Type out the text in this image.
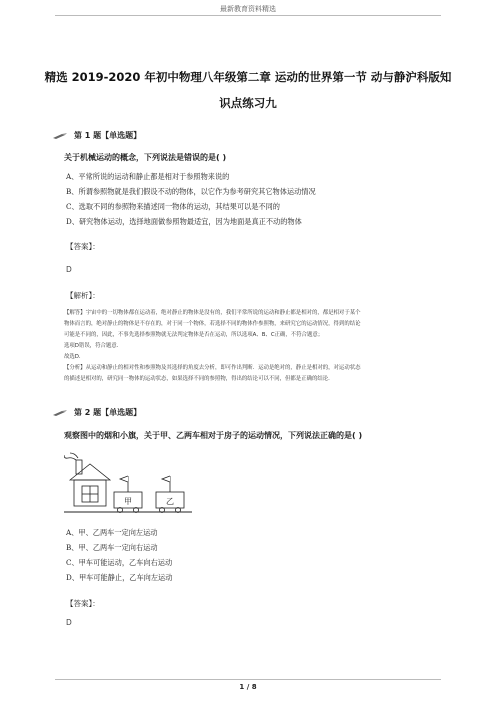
最新教育资料精选
精选 2019-2020 年初中物理八年级第二章 运动的世界第一节 动与静沪科版知
识点练习九
第 1 题【单选题】
关于机械运动的概念，下列说法是错误的是( )
A、平常所说的运动和静止都是相对于参照物来说的
B、所谓参照物就是我们假设不动的物体，以它作为参考研究其它物体运动情况
C、选取不同的参照物来描述同一物体的运动，其结果可以是不同的
D、研究物体运动，选择地面做参照物最适宜，因为地面是真正不动的物体
【答案】：
D
【解析】：
【解答】宇宙中的一切物体都在运动着，绝对静止的物体是没有的，我们平常所说的运动和静止都是相对的，都是相对于某个
物体而言的，绝对静止的物体是不存在的，对于同一个物体，若选择不同的物体作参照物，来研究它的运动情况，得到的结论
可能是不同的，因此，不事先选择参照物就无法判定物体是否在运动，所以选项A、B、C正确，不符合题意；
选项D错误，符合题意．
故选D．
【分析】从运动和静止的相对性和参照物及其选择的角度去分析，即可作出判断．运动是绝对的，静止是相对的，对运动状态
的描述是相对的，研究同一物体的运动状态，如果选择不同的参照物，得出的结论可以不同，但都是正确的结论．
第 2 题【单选题】
观察图中的烟和小旗，关于甲、乙两车相对于房子的运动情况，下列说法正确的是( )
甲	乙
A、甲、乙两车一定向左运动
B、甲、乙两车一定向右运动
C、甲车可能运动，乙车向右运动
D、甲车可能静止，乙车向左运动
【答案】：
D
1 / 8
